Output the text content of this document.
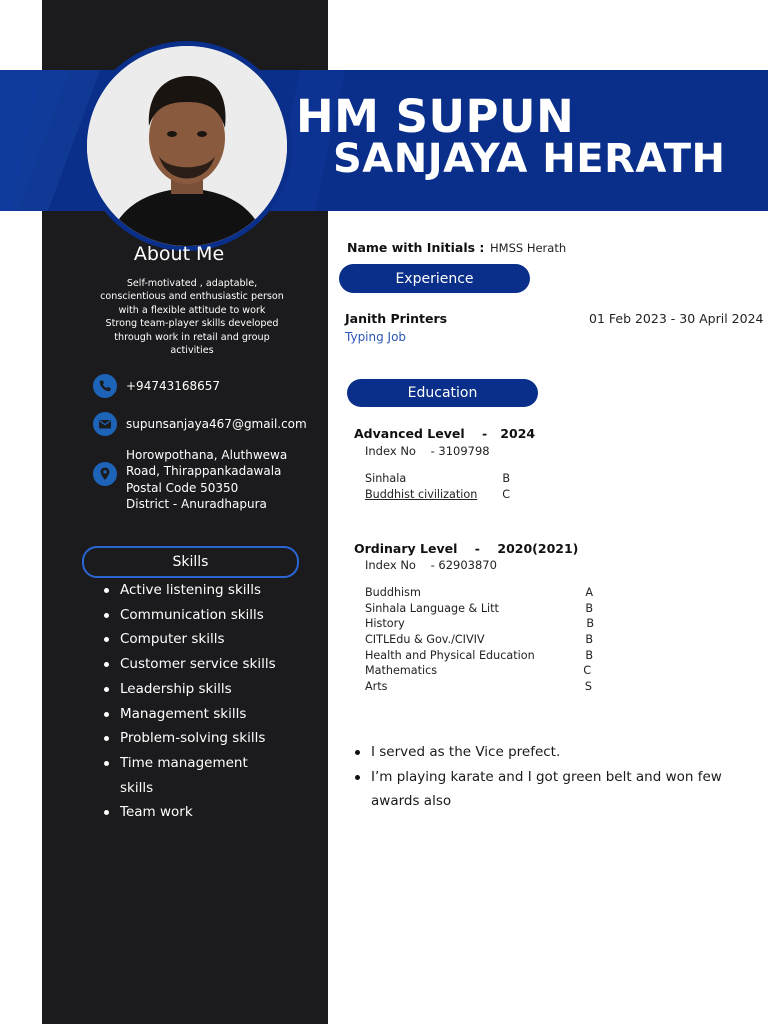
HM SUPUN
SANJAYA HERATH
About Me
Self-motivated , adaptable,
conscientious and enthusiastic person
with a flexible attitude to work
Strong team-player skills developed
through work in retail and group
activities
+94743168657
supunsanjaya467@gmail.com
Horowpothana, Aluthwewa
Road, Thirappankadawala
Postal Code 50350
District - Anuradhapura
Skills
Active listening skills
Communication skills
Computer skills
Customer service skills
Leadership skills
Management skills
Problem-solving skills
Time management skills
Team work
Name with Initials : HMSS Herath
Experience
Janith Printers	01 Feb 2023 - 30 April 2024
Typing Job
Education
Advanced Level    -   2024
Index No    - 3109798
Sinhala	B
Buddhist civilization C
Ordinary Level    -    2020(2021)
Index No    - 62903870
Buddhism	A
Sinhala Language & Litt	B
History	B
CITLEdu & Gov./CIVIV	B
Health and Physical Education	B
Mathematics	C
Arts	S
I served as the Vice prefect.
I’m playing karate and I got green belt and won few awards also
